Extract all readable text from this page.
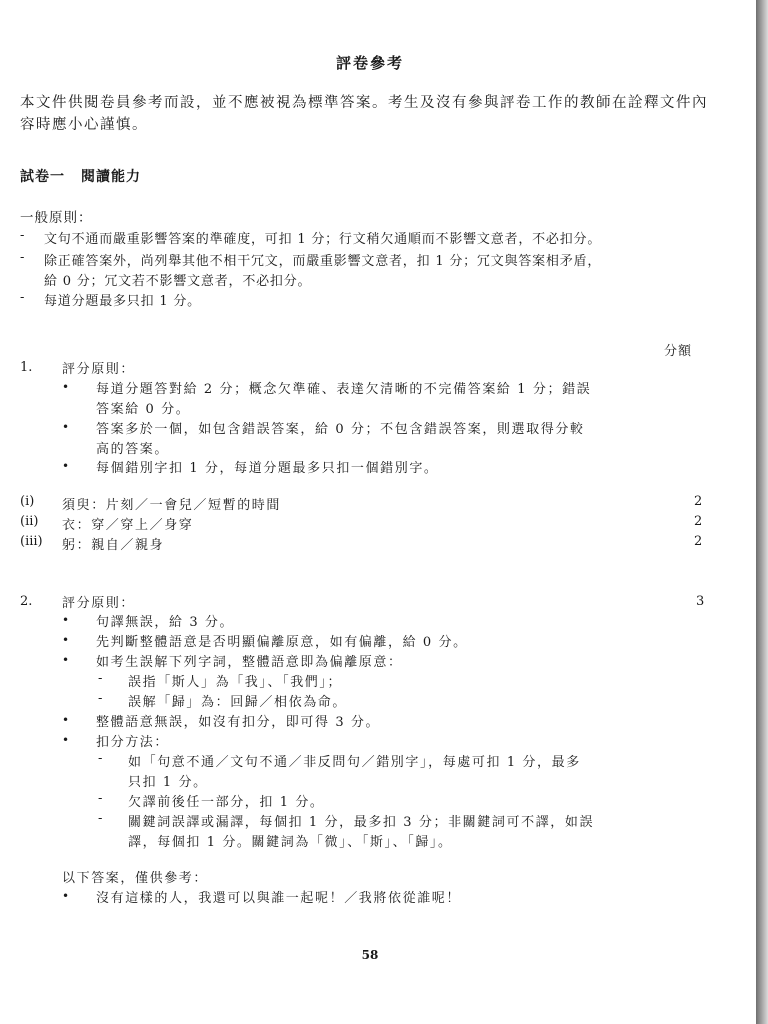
評卷參考
本文件供閱卷員參考而設，並不應被視為標準答案。考生及沒有參與評卷工作的教師在詮釋文件內容時應小心謹慎。
試卷一 閱讀能力
一般原則：
- 文句不通而嚴重影響答案的準確度，可扣 1 分；行文稍欠通順而不影響文意者，不必扣分。
- 除正確答案外，尚列舉其他不相干冗文，而嚴重影響文意者，扣 1 分；冗文與答案相矛盾，
給 0 分；冗文若不影響文意者，不必扣分。
- 每道分題最多只扣 1 分。
分額
1. 評分原則：
• 每道分題答對給 2 分；概念欠準確、表達欠清晰的不完備答案給 1 分；錯誤
答案給 0 分。
• 答案多於一個，如包含錯誤答案，給 0 分；不包含錯誤答案，則選取得分較
高的答案。
• 每個錯別字扣 1 分，每道分題最多只扣一個錯別字。
(i) 須臾：片刻／一會兒／短暫的時間	2
(ii) 衣：穿／穿上／身穿	2
(iii) 躬：親自／親身	2
2. 評分原則：	3
• 句譯無誤，給 3 分。
• 先判斷整體語意是否明顯偏離原意，如有偏離，給 0 分。
• 如考生誤解下列字詞，整體語意即為偏離原意：
- 誤指「斯人」為「我」、「我們」；
- 誤解「歸」為：回歸／相依為命。
• 整體語意無誤，如沒有扣分，即可得 3 分。
• 扣分方法：
- 如「句意不通／文句不通／非反問句／錯別字」，每處可扣 1 分，最多
只扣 1 分。
- 欠譯前後任一部分，扣 1 分。
- 關鍵詞誤譯或漏譯，每個扣 1 分，最多扣 3 分；非關鍵詞可不譯，如誤
譯，每個扣 1 分。關鍵詞為「微」、「斯」、「歸」。
以下答案，僅供參考：
• 沒有這樣的人，我還可以與誰一起呢！／我將依從誰呢！
58
